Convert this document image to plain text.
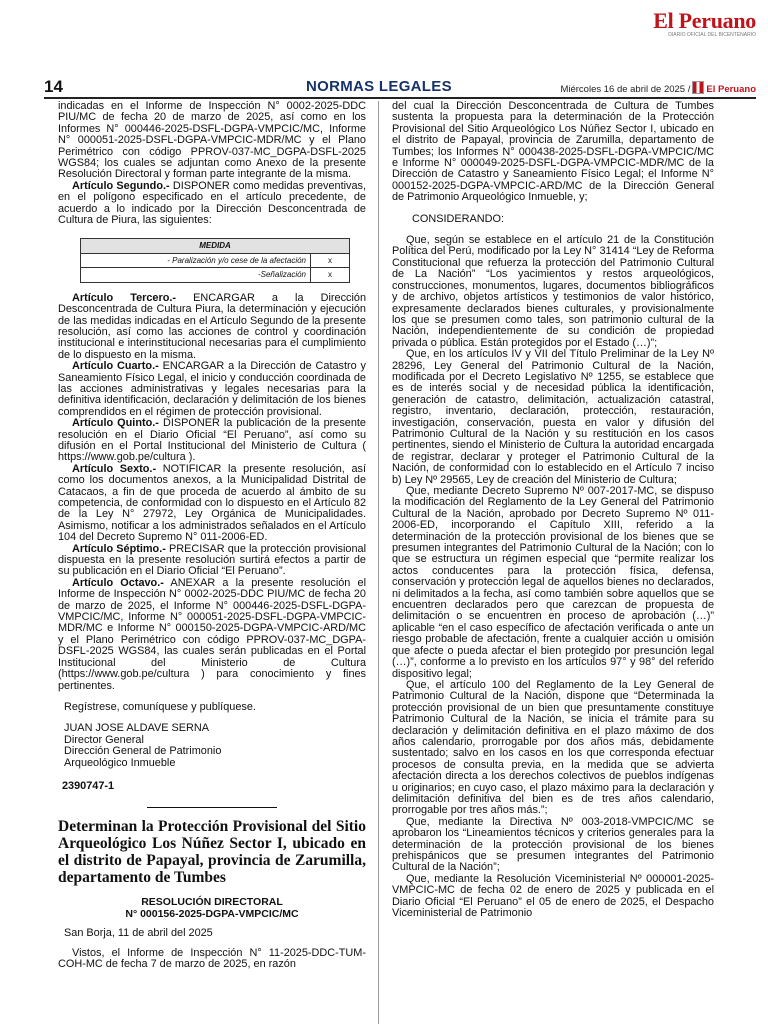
El Peruano
DIARIO OFICIAL DEL BICENTENARIO
14	NORMAS LEGALES	Miércoles 16 de abril de 2025 / El Peruano

indicadas en el Informe de Inspección N° 0002-2025-DDC PIU/MC de fecha 20 de marzo de 2025, así como en los Informes N° 000446-2025-DSFL-DGPA-VMPCIC/MC, Informe N° 000051-2025-DSFL-DGPA-VMPCIC-MDR/MC y el Plano Perimétrico con código PPROV-037-MC_DGPA-DSFL-2025 WGS84; los cuales se adjuntan como Anexo de la presente Resolución Directoral y forman parte integrante de la misma.

Artículo Segundo.- DISPONER como medidas preventivas, en el polígono especificado en el artículo precedente, de acuerdo a lo indicado por la Dirección Desconcentrada de Cultura de Piura, las siguientes:

MEDIDA	
- Paralización y/o cese de la afectación	x
-Señalización	x

Artículo Tercero.- ENCARGAR a la Dirección Desconcentrada de Cultura Piura, la determinación y ejecución de las medidas indicadas en el Artículo Segundo de la presente resolución, así como las acciones de control y coordinación institucional e interinstitucional necesarias para el cumplimiento de lo dispuesto en la misma.

Artículo Cuarto.- ENCARGAR a la Dirección de Catastro y Saneamiento Físico Legal, el inicio y conducción coordinada de las acciones administrativas y legales necesarias para la definitiva identificación, declaración y delimitación de los bienes comprendidos en el régimen de protección provisional.

Artículo Quinto.- DISPONER la publicación de la presente resolución en el Diario Oficial “El Peruano”, así como su difusión en el Portal Institucional del Ministerio de Cultura ( https://www.gob.pe/cultura ).

Artículo Sexto.- NOTIFICAR la presente resolución, así como los documentos anexos, a la Municipalidad Distrital de Catacaos, a fin de que proceda de acuerdo al ámbito de su competencia, de conformidad con lo dispuesto en el Artículo 82 de la Ley N° 27972, Ley Orgánica de Municipalidades. Asimismo, notificar a los administrados señalados en el Artículo 104 del Decreto Supremo N° 011-2006-ED.

Artículo Séptimo.- PRECISAR que la protección provisional dispuesta en la presente resolución surtirá efectos a partir de su publicación en el Diario Oficial “El Peruano”.

Artículo Octavo.- ANEXAR a la presente resolución el Informe de Inspección N° 0002-2025-DDC PIU/MC de fecha 20 de marzo de 2025, el Informe N° 000446-2025-DSFL-DGPA-VMPCIC/MC, Informe N° 000051-2025-DSFL-DGPA-VMPCIC-MDR/MC e Informe N° 000150-2025-DGPA-VMPCIC-ARD/MC y el Plano Perimétrico con código PPROV-037-MC_DGPA-DSFL-2025 WGS84, las cuales serán publicadas en el Portal Institucional del Ministerio de Cultura (https://www.gob.pe/cultura ) para conocimiento y fines pertinentes.

Regístrese, comuníquese y publíquese.

JUAN JOSE ALDAVE SERNA

Director General

Dirección General de Patrimonio

Arqueológico Inmueble

2390747-1

Determinan la Protección Provisional del Sitio Arqueológico Los Núñez Sector I, ubicado en el distrito de Papayal, provincia de Zarumilla, departamento de Tumbes

RESOLUCIÓN DIRECTORAL

N° 000156-2025-DGPA-VMPCIC/MC

San Borja, 11 de abril del 2025

Vistos, el Informe de Inspección N° 11-2025-DDC-TUM-COH-MC de fecha 7 de marzo de 2025, en razón

del cual la Dirección Desconcentrada de Cultura de Tumbes sustenta la propuesta para la determinación de la Protección Provisional del Sitio Arqueológico Los Núñez Sector I, ubicado en el distrito de Papayal, provincia de Zarumilla, departamento de Tumbes; los Informes N° 000438-2025-DSFL-DGPA-VMPCIC/MC e Informe N° 000049-2025-DSFL-DGPA-VMPCIC-MDR/MC de la Dirección de Catastro y Saneamiento Físico Legal; el Informe N° 000152-2025-DGPA-VMPCIC-ARD/MC de la Dirección General de Patrimonio Arqueológico Inmueble, y;

CONSIDERANDO:

Que, según se establece en el artículo 21 de la Constitución Política del Perú, modificado por la Ley N° 31414 “Ley de Reforma Constitucional que refuerza la protección del Patrimonio Cultural de La Nación” “Los yacimientos y restos arqueológicos, construcciones, monumentos, lugares, documentos bibliográficos y de archivo, objetos artísticos y testimonios de valor histórico, expresamente declarados bienes culturales, y provisionalmente los que se presumen como tales, son patrimonio cultural de la Nación, independientemente de su condición de propiedad privada o pública. Están protegidos por el Estado (…)”;

Que, en los artículos IV y VII del Título Preliminar de la Ley Nº 28296, Ley General del Patrimonio Cultural de la Nación, modificada por el Decreto Legislativo Nº 1255, se establece que es de interés social y de necesidad pública la identificación, generación de catastro, delimitación, actualización catastral, registro, inventario, declaración, protección, restauración, investigación, conservación, puesta en valor y difusión del Patrimonio Cultural de la Nación y su restitución en los casos pertinentes, siendo el Ministerio de Cultura la autoridad encargada de registrar, declarar y proteger el Patrimonio Cultural de la Nación, de conformidad con lo establecido en el Artículo 7 inciso b) Ley Nº 29565, Ley de creación del Ministerio de Cultura;

Que, mediante Decreto Supremo Nº 007-2017-MC, se dispuso la modificación del Reglamento de la Ley General del Patrimonio Cultural de la Nación, aprobado por Decreto Supremo Nº 011-2006-ED, incorporando el Capítulo XIII, referido a la determinación de la protección provisional de los bienes que se presumen integrantes del Patrimonio Cultural de la Nación; con lo que se estructura un régimen especial que “permite realizar los actos conducentes para la protección física, defensa, conservación y protección legal de aquellos bienes no declarados, ni delimitados a la fecha, así como también sobre aquellos que se encuentren declarados pero que carezcan de propuesta de delimitación o se encuentren en proceso de aprobación (…)” aplicable “en el caso específico de afectación verificada o ante un riesgo probable de afectación, frente a cualquier acción u omisión que afecte o pueda afectar el bien protegido por presunción legal (…)”, conforme a lo previsto en los artículos 97° y 98° del referido dispositivo legal;

Que, el artículo 100 del Reglamento de la Ley General de Patrimonio Cultural de la Nación, dispone que “Determinada la protección provisional de un bien que presuntamente constituye Patrimonio Cultural de la Nación, se inicia el trámite para su declaración y delimitación definitiva en el plazo máximo de dos años calendario, prorrogable por dos años más, debidamente sustentado; salvo en los casos en los que corresponda efectuar procesos de consulta previa, en la medida que se advierta afectación directa a los derechos colectivos de pueblos indígenas u originarios; en cuyo caso, el plazo máximo para la declaración y delimitación definitiva del bien es de tres años calendario, prorrogable por tres años más.”;

Que, mediante la Directiva Nº 003-2018-VMPCIC/MC se aprobaron los “Lineamientos técnicos y criterios generales para la determinación de la protección provisional de los bienes prehispánicos que se presumen integrantes del Patrimonio Cultural de la Nación”;

Que, mediante la Resolución Viceministerial Nº 000001-2025-VMPCIC-MC de fecha 02 de enero de 2025 y publicada en el Diario Oficial “El Peruano” el 05 de enero de 2025, el Despacho Viceministerial de Patrimonio
